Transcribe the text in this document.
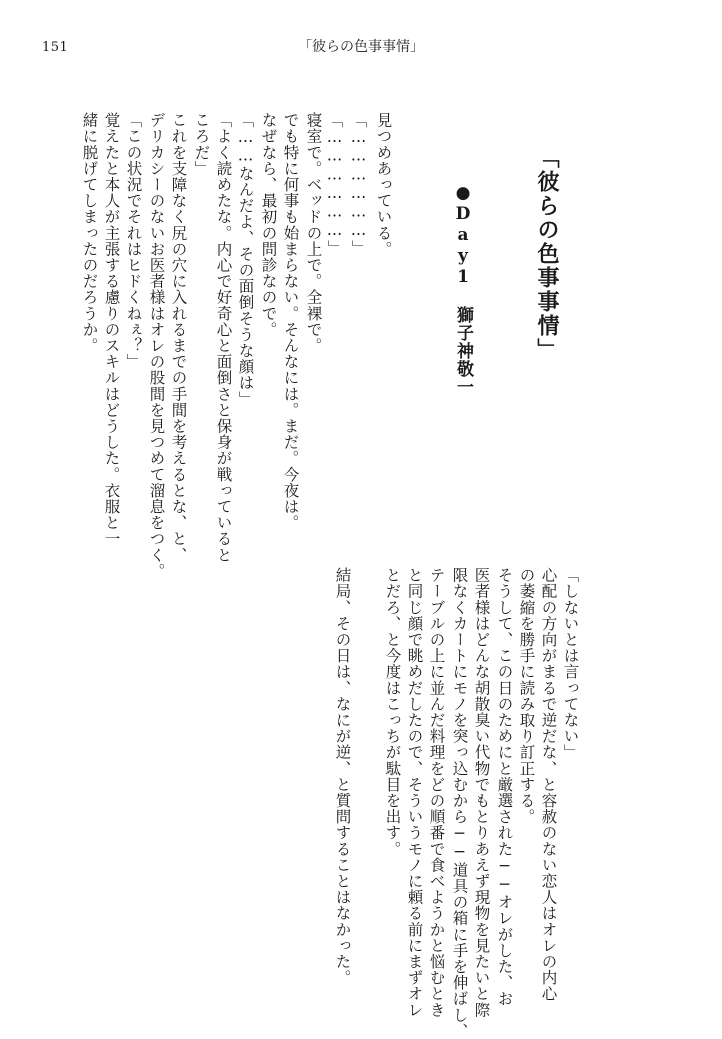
151	「彼らの色事事情」
「彼らの色事事情」
●Day1　獅子神敬一
見つめあっている。
「………………」
「………………」
寝室で。ベッドの上で。全裸で。
でも特に何事も始まらない。そんなには。まだ。今夜は。
なぜなら、最初の問診なので。
「……なんだよ、その面倒そうな顔は」
「よく読めたな。内心で好奇心と面倒さと保身が戦っていると
ころだ」
これを支障なく尻の穴に入れるまでの手間を考えるとな、と、
デリカシーのないお医者様はオレの股間を見つめて溜息をつく。
「この状況でそれはヒドくねぇ？」
覚えたと本人が主張する慮りのスキルはどうした。衣服と一
緒に脱げてしまったのだろうか。
「しないとは言ってない」
心配の方向がまるで逆だな、と容赦のない恋人はオレの内心
の萎縮を勝手に読み取り訂正する。
そうして、この日のためにと厳選された──オレがした、お
医者様はどんな胡散臭い代物でもとりあえず現物を見たいと際
限なくカートにモノを突っ込むから──道具の箱に手を伸ばし、
テーブルの上に並んだ料理をどの順番で食べようかと悩むとき
と同じ顔で眺めだしたので、そういうモノに頼る前にまずオレ
とだろ、と今度はこっちが駄目を出す。
結局、その日は、なにが逆、と質問することはなかった。
